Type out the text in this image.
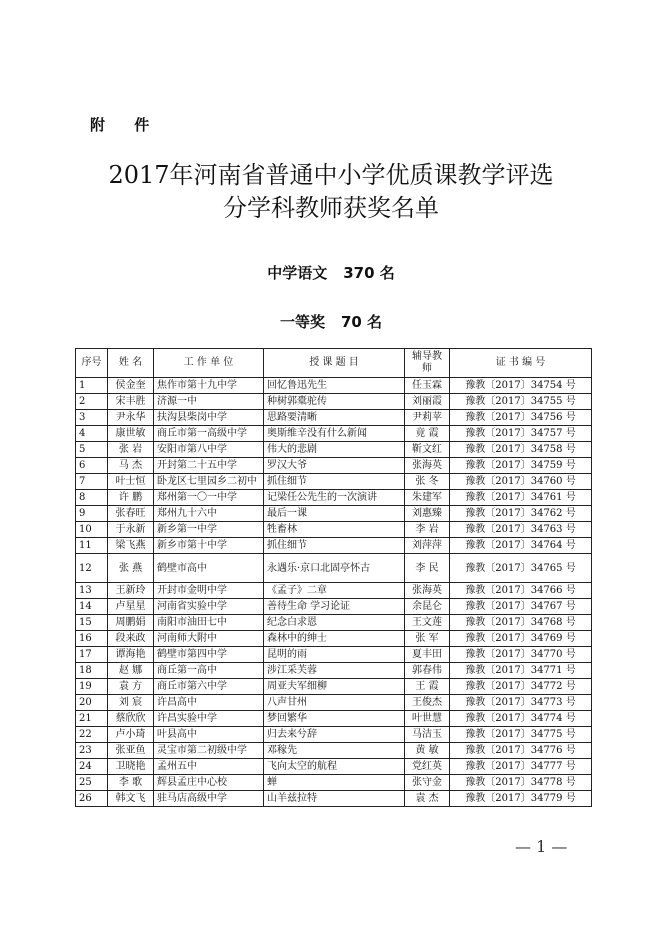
附 件
2017年河南省普通中小学优质课教学评选
分学科教师获奖名单
中学语文 370 名
一等奖 70 名
序号	姓 名	工 作 单 位	授 课 题 目	辅导教师	证 书 编 号
1	侯金奎	焦作市第十九中学	回忆鲁迅先生	任玉霖	豫教〔2017〕34754 号
2	宋丰胜	济源一中	种树郭橐驼传	刘丽霞	豫教〔2017〕34755 号
3	尹永华	扶沟县柴岗中学	思路要清晰	尹莉苹	豫教〔2017〕34756 号
4	康世敏	商丘市第一高级中学	奥斯维辛没有什么新闻	竟 霞	豫教〔2017〕34757 号
5	张 岩	安阳市第八中学	伟大的悲剧	靳文红	豫教〔2017〕34758 号
6	马 杰	开封第二十五中学	罗汉大爷	张海英	豫教〔2017〕34759 号
7	叶士恒	卧龙区七里园乡二初中	抓住细节	张 冬	豫教〔2017〕34760 号
8	许 鹏	郑州第一〇一中学	记梁任公先生的一次演讲	朱建军	豫教〔2017〕34761 号
9	张春旺	郑州九十六中	最后一课	刘惠臻	豫教〔2017〕34762 号
10	于永新	新乡第一中学	牲畜林	李 岩	豫教〔2017〕34763 号
11	梁飞燕	新乡市第十中学	抓住细节	刘萍萍	豫教〔2017〕34764 号
12	张 燕	鹤壁市高中	永遇乐·京口北固亭怀古	李 民	豫教〔2017〕34765 号
13	王新玲	开封市金明中学	《孟子》二章	张海英	豫教〔2017〕34766 号
14	卢星星	河南省实验中学	善待生命 学习论证	余昆仑	豫教〔2017〕34767 号
15	周鹏娟	南阳市油田七中	纪念白求恩	王文莲	豫教〔2017〕34768 号
16	段来政	河南师大附中	森林中的绅士	张 军	豫教〔2017〕34769 号
17	谭海艳	鹤壁市第四中学	昆明的雨	夏丰田	豫教〔2017〕34770 号
18	赵 娜	商丘第一高中	涉江采芙蓉	郭春伟	豫教〔2017〕34771 号
19	袁 方	商丘市第六中学	周亚夫军细柳	王 霞	豫教〔2017〕34772 号
20	刘 宸	许昌高中	八声甘州	王俊杰	豫教〔2017〕34773 号
21	蔡欣欣	许昌实验中学	梦回繁华	叶世慧	豫教〔2017〕34774 号
22	卢小琦	叶县高中	归去来兮辞	马洁玉	豫教〔2017〕34775 号
23	张亚鱼	灵宝市第二初级中学	邓稼先	黄 敏	豫教〔2017〕34776 号
24	卫晓艳	孟州五中	飞向太空的航程	党红英	豫教〔2017〕34777 号
25	李 歌	辉县孟庄中心校	蝉	张守金	豫教〔2017〕34778 号
26	韩文飞	驻马店高级中学	山羊兹拉特	袁 杰	豫教〔2017〕34779 号
— 1 —
